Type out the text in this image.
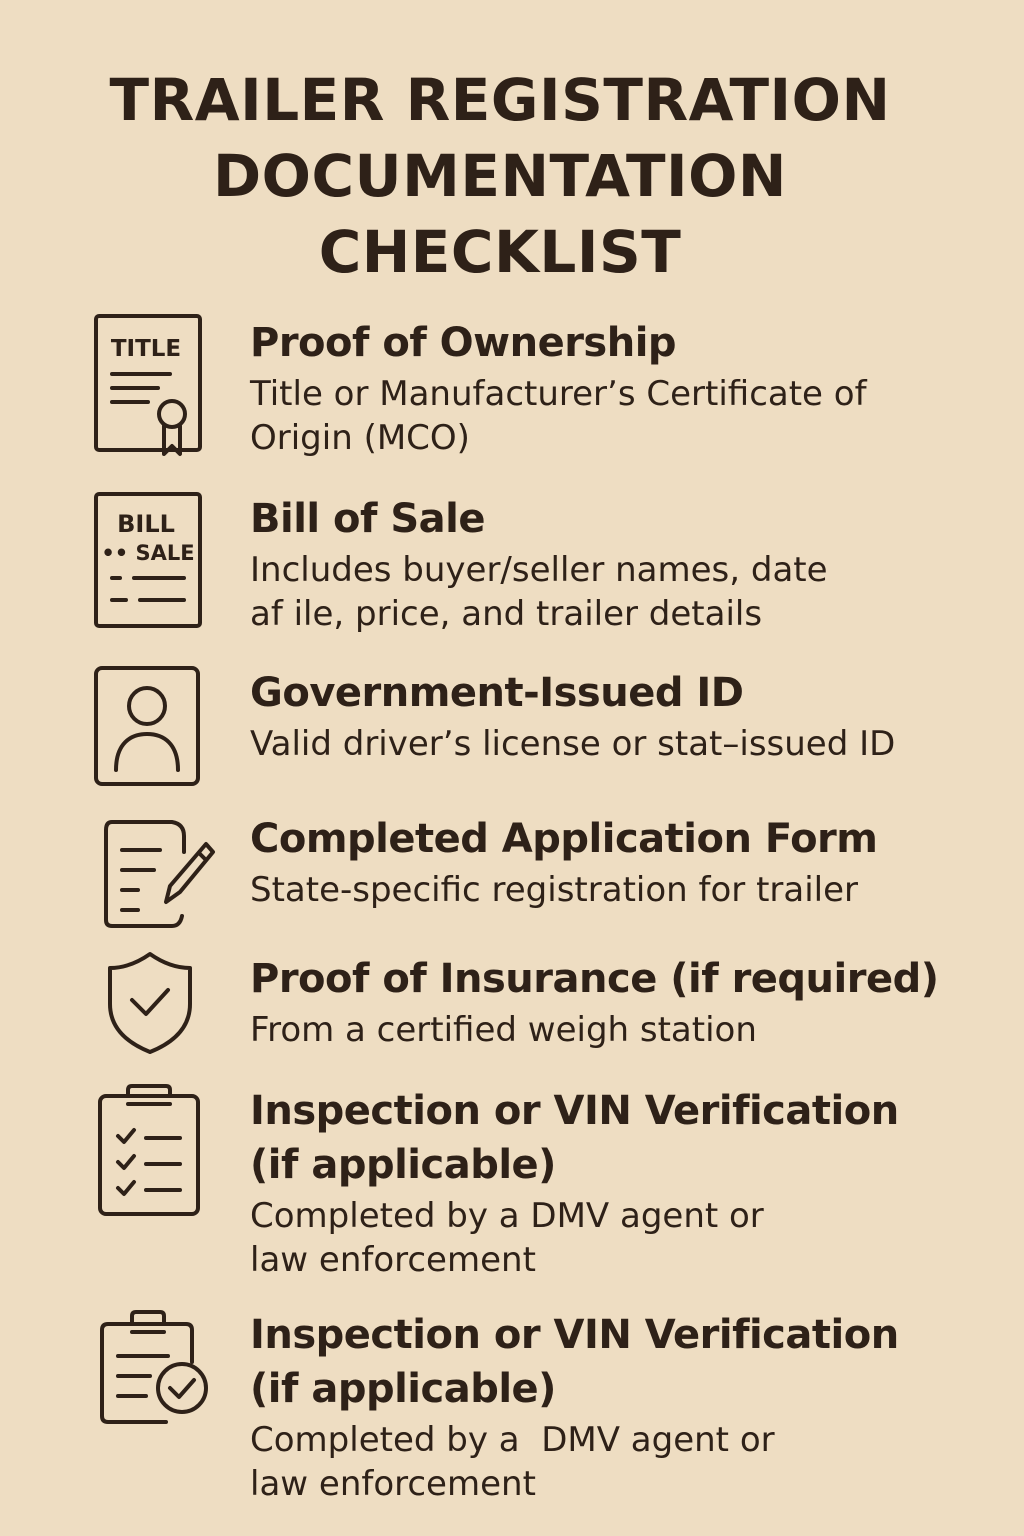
TRAILER REGISTRATION
DOCUMENTATION
CHECKLIST
TITLE Proof of Ownership
Title or Manufacturer’s Certificate of
Origin (MCO)
BILL
•• SALE
Bill of Sale
Includes buyer/seller names, date
af ile, price, and trailer details
Government-Issued ID
Valid driver’s license or stat–issued ID
Completed Application Form
State-specific registration for trailer
Proof of Insurance (if required)
From a certified weigh station
Inspection or VIN Verification
(if applicable)
Completed by a DMV agent or
law enforcement
Inspection or VIN Verification
(if applicable)
Completed by a  DMV agent or
law enforcement
